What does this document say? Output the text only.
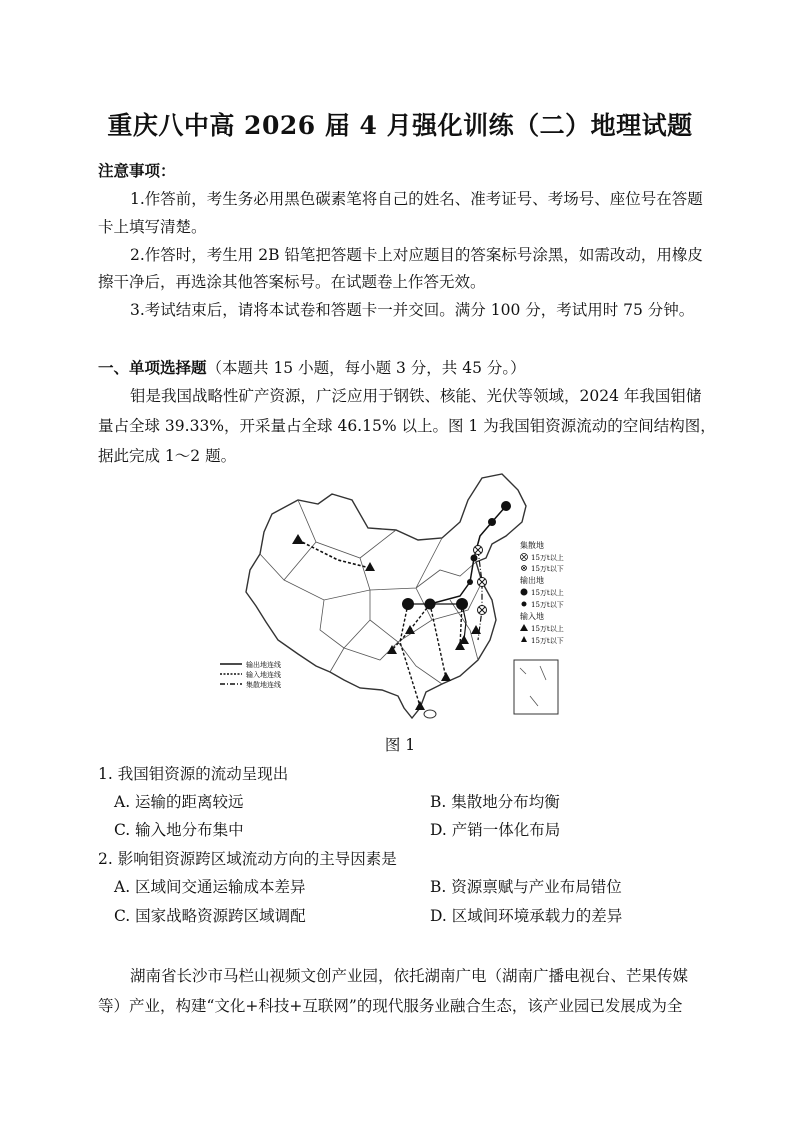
重庆八中高 2026 届 4 月强化训练（二）地理试题
注意事项：
1.作答前，考生务必用黑色碳素笔将自己的姓名、准考证号、考场号、座位号在答题
卡上填写清楚。
2.作答时，考生用 2B 铅笔把答题卡上对应题目的答案标号涂黑，如需改动，用橡皮
擦干净后，再选涂其他答案标号。在试题卷上作答无效。
3.考试结束后，请将本试卷和答题卡一并交回。满分 100 分，考试用时 75 分钟。
一、单项选择题（本题共 15 小题，每小题 3 分，共 45 分。）
钼是我国战略性矿产资源，广泛应用于钢铁、核能、光伏等领域，2024 年我国钼储
量占全球 39.33%，开采量占全球 46.15% 以上。图 1 为我国钼资源流动的空间结构图，
据此完成 1～2 题。
集散地
15万t以上
15万t以下
输出地
15万t以上
15万t以下
输入地
15万t以上
15万t以下
输出地连线
输入地连线
集散地连线
图 1
1. 我国钼资源的流动呈现出
A. 运输的距离较远	B. 集散地分布均衡
C. 输入地分布集中	D. 产销一体化布局
2. 影响钼资源跨区域流动方向的主导因素是
A. 区域间交通运输成本差异	B. 资源禀赋与产业布局错位
C. 国家战略资源跨区域调配	D. 区域间环境承载力的差异
湖南省长沙市马栏山视频文创产业园，依托湖南广电（湖南广播电视台、芒果传媒
等）产业，构建“文化+科技+互联网”的现代服务业融合生态，该产业园已发展成为全
